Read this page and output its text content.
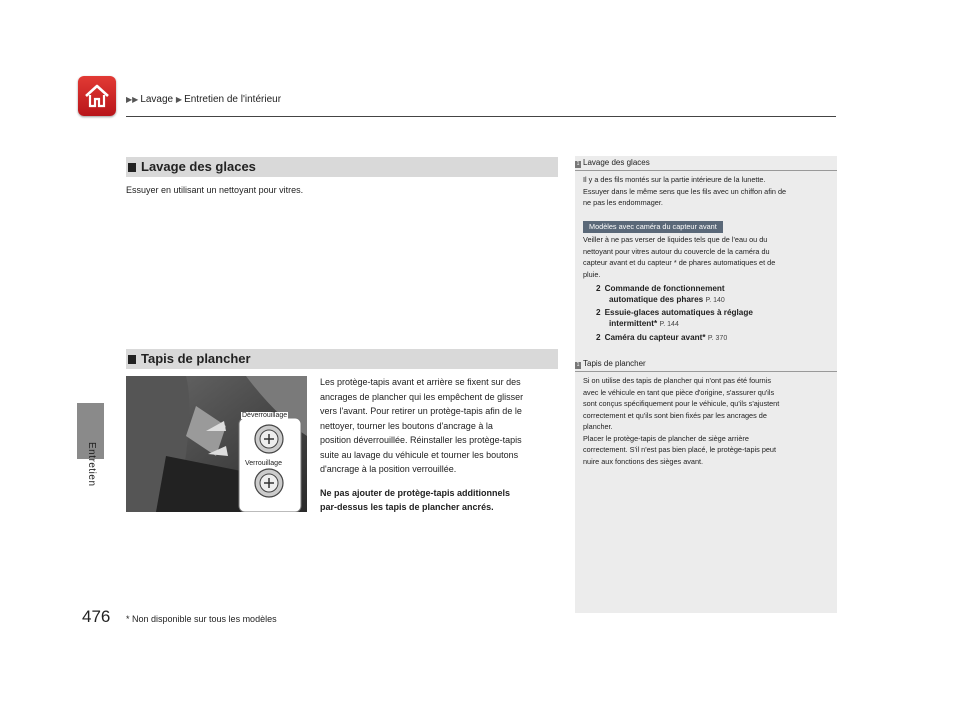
▶▶ Lavage ▶ Entretien de l'intérieur
Entretien
Lavage des glaces
Essuyer en utilisant un nettoyant pour vitres.
Tapis de plancher
Déverrouillage
Verrouillage
Les protège-tapis avant et arrière se fixent sur des
ancrages de plancher qui les empêchent de glisser
vers l'avant. Pour retirer un protège-tapis afin de le
nettoyer, tourner les boutons d'ancrage à la
position déverrouillée. Réinstaller les protège-tapis
suite au lavage du véhicule et tourner les boutons
d'ancrage à la position verrouillée.
Ne pas ajouter de protège-tapis additionnels
par-dessus les tapis de plancher ancrés.
1 Lavage des glaces
Il y a des fils montés sur la partie intérieure de la lunette.
Essuyer dans le même sens que les fils avec un chiffon afin de
ne pas les endommager.
Modèles avec caméra du capteur avant
Veiller à ne pas verser de liquides tels que de l'eau ou du
nettoyant pour vitres autour du couvercle de la caméra du
capteur avant et du capteur * de phares automatiques et de
pluie.
2 Commande de fonctionnement
automatique des phares P. 140
2 Essuie-glaces automatiques à réglage
intermittent* P. 144
2 Caméra du capteur avant* P. 370
1 Tapis de plancher
Si on utilise des tapis de plancher qui n'ont pas été fournis
avec le véhicule en tant que pièce d'origine, s'assurer qu'ils
sont conçus spécifiquement pour le véhicule, qu'ils s'ajustent
correctement et qu'ils sont bien fixés par les ancrages de
plancher.
Placer le protège-tapis de plancher de siège arrière
correctement. S'il n'est pas bien placé, le protège-tapis peut
nuire aux fonctions des sièges avant.
476 * Non disponible sur tous les modèles
